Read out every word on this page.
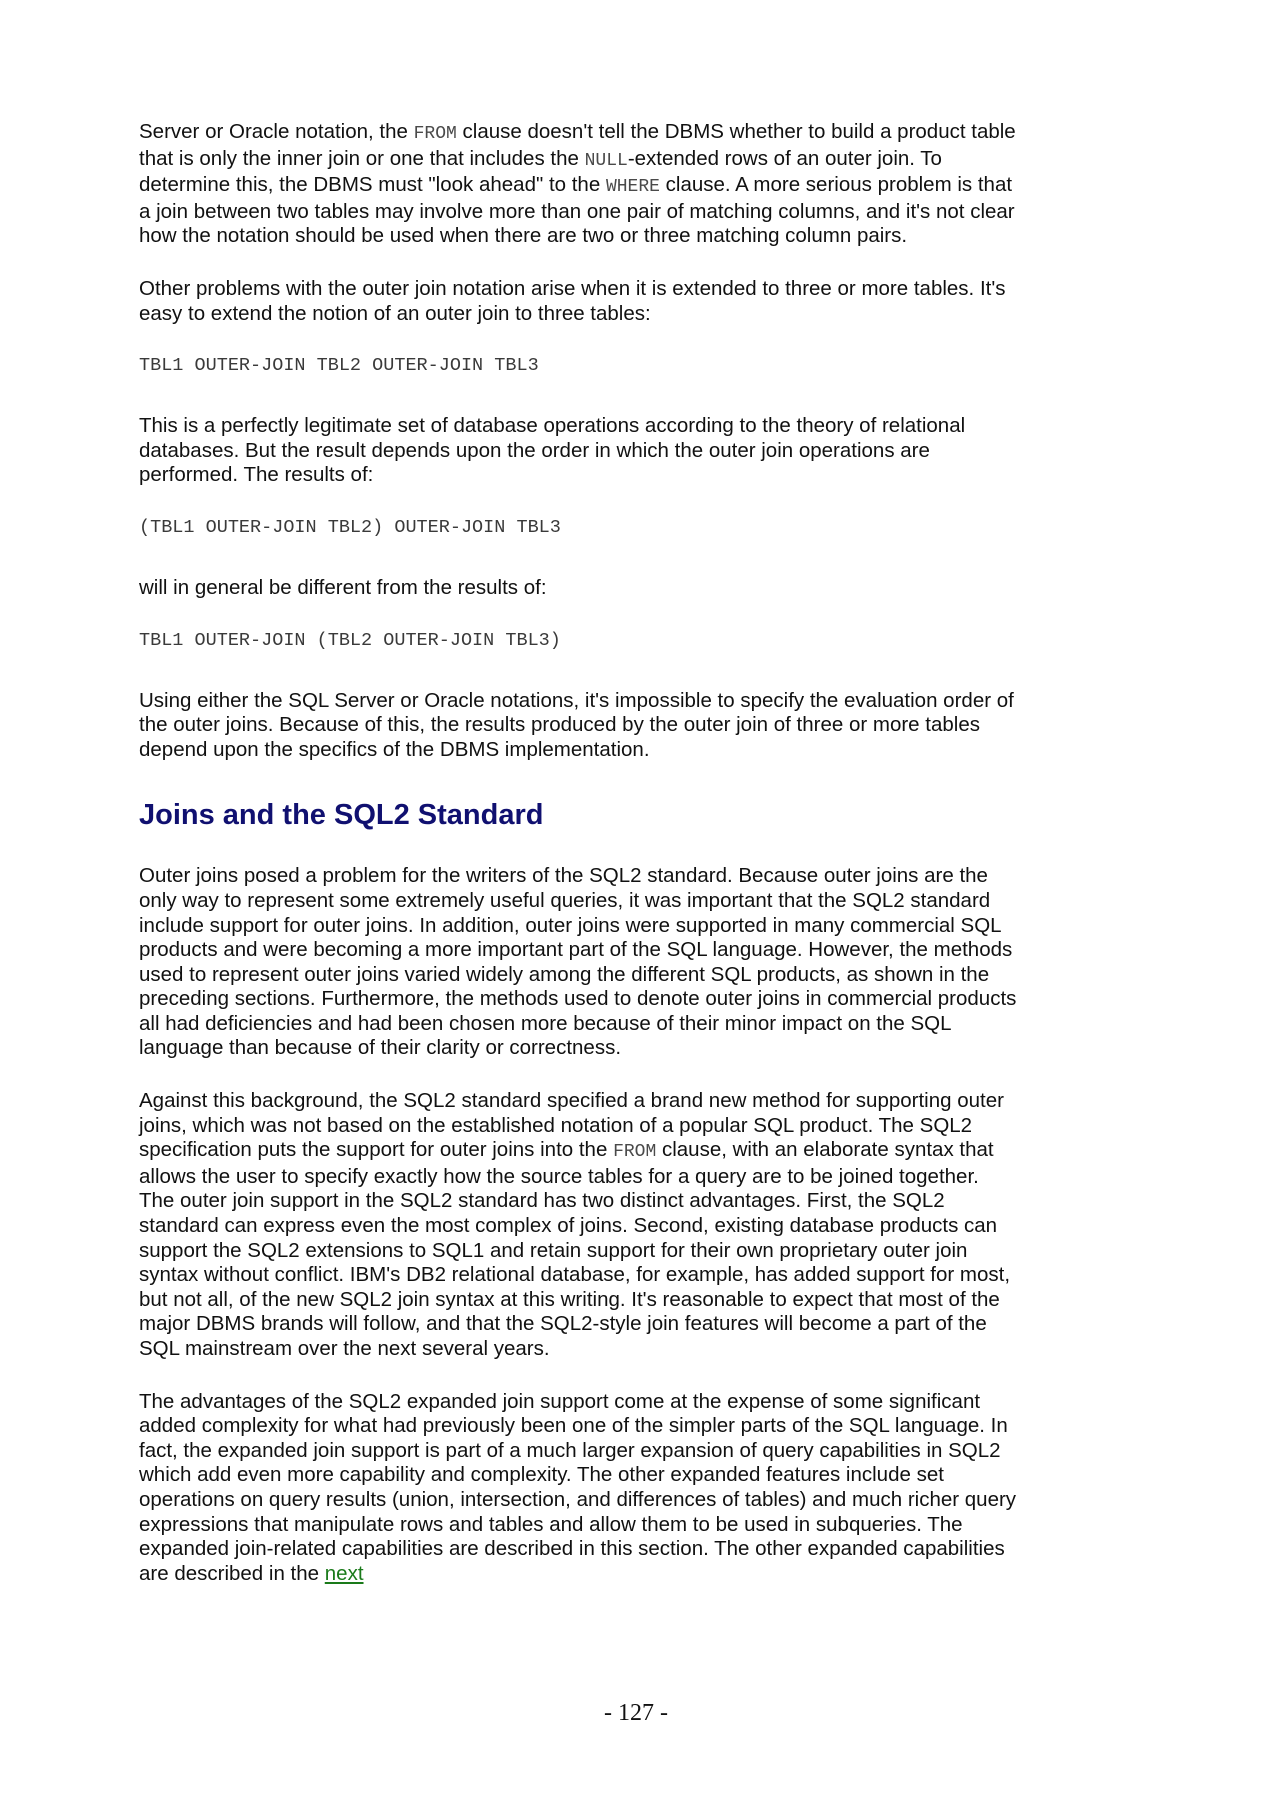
Server or Oracle notation, the FROM clause doesn't tell the DBMS whether to build a product table that is only the inner join or one that includes the NULL-extended rows of an outer join. To determine this, the DBMS must "look ahead" to the WHERE clause. A more serious problem is that a join between two tables may involve more than one pair of matching columns, and it's not clear how the notation should be used when there are two or three matching column pairs.

Other problems with the outer join notation arise when it is extended to three or more tables. It's easy to extend the notion of an outer join to three tables:

TBL1 OUTER-JOIN TBL2 OUTER-JOIN TBL3

This is a perfectly legitimate set of database operations according to the theory of relational databases. But the result depends upon the order in which the outer join operations are performed. The results of:

(TBL1 OUTER-JOIN TBL2) OUTER-JOIN TBL3

will in general be different from the results of:

TBL1 OUTER-JOIN (TBL2 OUTER-JOIN TBL3)

Using either the SQL Server or Oracle notations, it's impossible to specify the evaluation order of the outer joins. Because of this, the results produced by the outer join of three or more tables depend upon the specifics of the DBMS implementation.

Joins and the SQL2 Standard

Outer joins posed a problem for the writers of the SQL2 standard. Because outer joins are the only way to represent some extremely useful queries, it was important that the SQL2 standard include support for outer joins. In addition, outer joins were supported in many commercial SQL products and were becoming a more important part of the SQL language. However, the methods used to represent outer joins varied widely among the different SQL products, as shown in the preceding sections. Furthermore, the methods used to denote outer joins in commercial products all had deficiencies and had been chosen more because of their minor impact on the SQL language than because of their clarity or correctness.

Against this background, the SQL2 standard specified a brand new method for supporting outer joins, which was not based on the established notation of a popular SQL product. The SQL2 specification puts the support for outer joins into the FROM clause, with an elaborate syntax that allows the user to specify exactly how the source tables for a query are to be joined together. The outer join support in the SQL2 standard has two distinct advantages. First, the SQL2 standard can express even the most complex of joins. Second, existing database products can support the SQL2 extensions to SQL1 and retain support for their own proprietary outer join syntax without conflict. IBM's DB2 relational database, for example, has added support for most, but not all, of the new SQL2 join syntax at this writing. It's reasonable to expect that most of the major DBMS brands will follow, and that the SQL2-style join features will become a part of the SQL mainstream over the next several years.

The advantages of the SQL2 expanded join support come at the expense of some significant added complexity for what had previously been one of the simpler parts of the SQL language. In fact, the expanded join support is part of a much larger expansion of query capabilities in SQL2 which add even more capability and complexity. The other expanded features include set operations on query results (union, intersection, and differences of tables) and much richer query expressions that manipulate rows and tables and allow them to be used in subqueries. The expanded join-related capabilities are described in this section. The other expanded capabilities are described in the next

- 127 -
